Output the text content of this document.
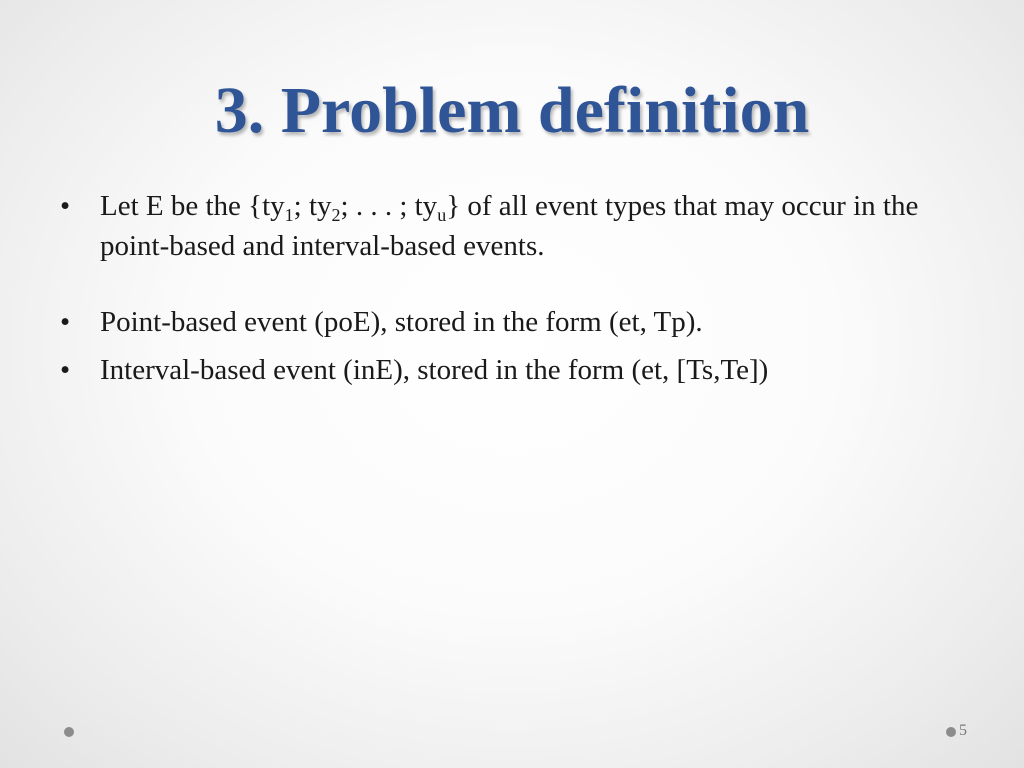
3. Problem definition
• Let E be the {$ty_1$; $ty_2$; . . . ; $ty_u$} of all event types that may occur in the point-based and interval-based events.
• Point-based event (poE), stored in the form (et, Tp).
• Interval-based event (inE), stored in the form (et, [Ts,Te])
5
